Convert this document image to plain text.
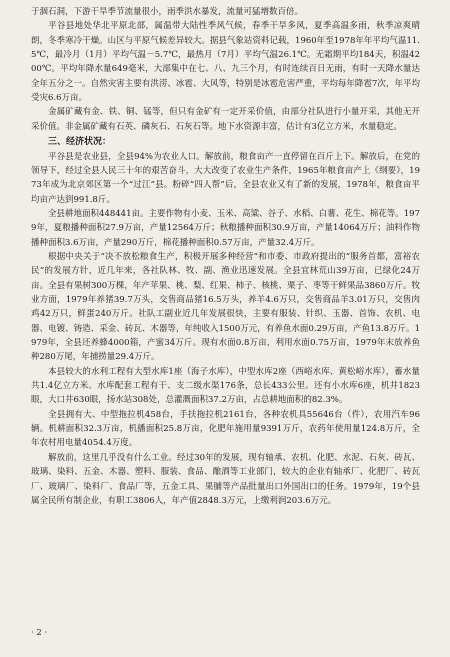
于涸石洞，下游干旱季节流量很小，雨季洪水暴发，流量可猛增数百倍。

平谷县地处华北平原北部，属温带大陆性季风气候，春季干旱多风，夏季高温多雨，秋季凉爽晴朗，冬季寒冷干燥。山区与平原气候差异较大。据县气象站资料记载，1960年至1978年年平均气温11.5℃，最冷月（1月）平均气温－5.7℃，最热月（7月）平均气温26.1℃。无霜期平均184天，积温4200℃。平均年降水量649毫米，大部集中在七、八、九三个月，有时连续百日无雨，有时一天降水量达全年五分之一。自然灾害主要有洪涝、冰雹、大风等，特别是冰雹危害严重，平均每年降雹7次，年平均受灾6.6万亩。

金属矿藏有金、铁、铜、锰等，但只有金矿有一定开采价值，由部分社队进行小量开采，其他无开采价值。非金属矿藏有石英、磷灰石、石灰石等。地下水资源丰富，估计有3亿立方米，水量稳定。

三、经济状况：

平谷县是农业县，全县94%为农业人口。解放前，粮食亩产一直停留在百斤上下。解放后，在党的领导下，经过全县人民三十年的艰苦奋斗，大大改变了农业生产条件，1965年粮食亩产上《纲要》，1973年成为北京郊区第一个“过江”县。粉碎“四人帮”后，全县农业又有了新的发展，1978年，粮食亩平均亩产达到991.8斤。

全县耕地面积448441亩。主要作物有小麦、玉米、高粱、谷子、水稻、白薯、花生、棉花等。1979年，夏粮播种面积27.9万亩，产量12564万斤；秋粮播种面积30.9万亩，产量14064万斤；油料作物播种面积3.6万亩，产量290万斤，棉花播种面积0.57万亩，产量32.4万斤。

根据中央关于“决不放松粮食生产，积极开展多种经营”和市委、市政府提出的“服务首都，富裕农民”的发展方针，近几年来，各社队林、牧、副、渔业迅速发展。全县宜林荒山39万亩，已绿化24万亩。全县有果树300万棵，年产苹果、桃、梨、红果、柿子、核桃、栗子、枣等干鲜果品3860万斤。牧业方面，1979年养猪39.7万头，交售商品猪16.5万头，养羊4.6万只，交售商品羊3.01万只，交售肉鸡42万只，鲜蛋240万斤。社队工副业近几年发展很快，主要有服装、针织、玉器、首饰、农机、电器、电镀、铸造、采金、砖瓦、木器等，年纯收入1500万元，有养鱼水面0.29万亩，产鱼13.8万斤。1979年，全县还养蜂4000箱，产蜜34万斤。现有水面0.8万亩，利用水面0.75万亩，1979年末放养鱼种280万尾，年捕捞量29.4万斤。

本县较大的水利工程有大型水库1座（海子水库），中型水库2座（西峪水库、黄松峪水库），蓄水量共1.4亿立方米。水库配套工程有干、支二级水渠176条，总长433公里。还有小水库6座，机井1823眼，大口井630眼，扬水站308处，总灌溉面积37.2万亩，占总耕地面积的82.3%。

全县拥有大、中型拖拉机458台，手扶拖拉机2161台，各种农机具55646台（件），农用汽车96辆。机耕面积32.3万亩，机播面积25.8万亩，化肥年施用量9391万斤，农药年使用量124.8万斤，全年农村用电量4054.4万度。

解放前，这里几乎没有什么工业。经过30年的发展，现有轴承、农机、化肥、水泥、石灰、砖瓦、玻璃、染料、五金、木器、塑料、服装、食品、酿酒等工业部门，较大的企业有轴承厂、化肥厂、砖瓦厂、玻璃厂、染料厂、食品厂等，五金工具、果脯等产品批量出口外国出口的任务。1979年，19个县属全民所有制企业，有职工3806人，年产值2848.3万元，上缴利润203.6万元。

· 2 ·
